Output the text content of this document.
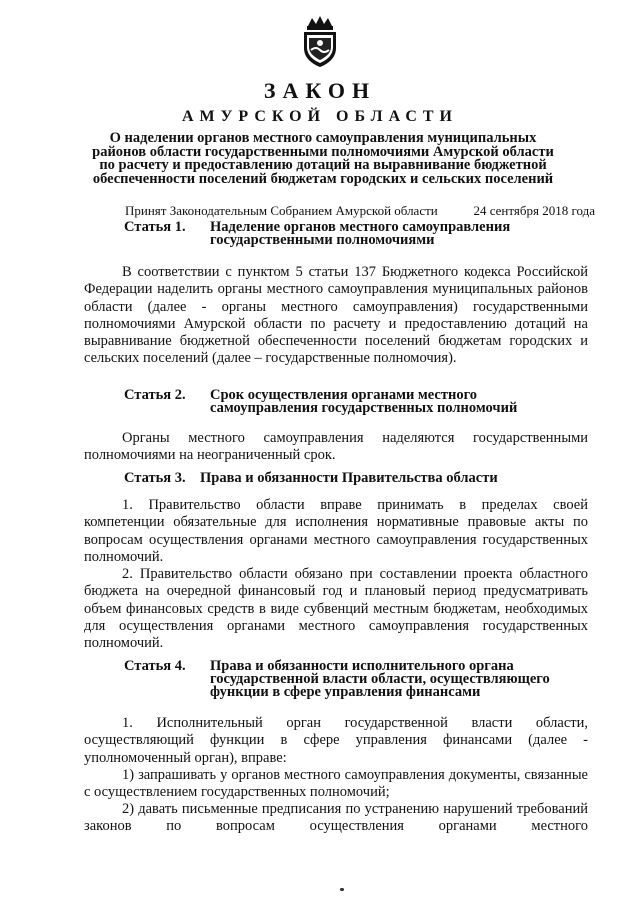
ЗАКОН
АМУРСКОЙ ОБЛАСТИ
О наделении органов местного самоуправления муниципальных районов области государственными полномочиями Амурской области по расчету и предоставлению дотаций на выравнивание бюджетной обеспеченности поселений бюджетам городских и сельских поселений
Принят Законодательным Собранием Амурской области	24 сентября 2018 года
Статья 1. Наделение органов местного самоуправления государственными полномочиями
В соответствии с пунктом 5 статьи 137 Бюджетного кодекса Российской Федерации наделить органы местного самоуправления муниципальных районов области (далее - органы местного самоуправления) государственными полномочиями Амурской области по расчету и предоставлению дотаций на выравнивание бюджетной обеспеченности поселений бюджетам городских и сельских поселений (далее – государственные полномочия).
Статья 2. Срок осуществления органами местного самоуправления государственных полномочий
Органы местного самоуправления наделяются государственными полномочиями на неограниченный срок.
Статья 3. Права и обязанности Правительства области
1. Правительство области вправе принимать в пределах своей компетенции обязательные для исполнения нормативные правовые акты по вопросам осуществления органами местного самоуправления государственных полномочий.
2. Правительство области обязано при составлении проекта областного бюджета на очередной финансовый год и плановый период предусматривать объем финансовых средств в виде субвенций местным бюджетам, необходимых для осуществления органами местного самоуправления государственных полномочий.
Статья 4. Права и обязанности исполнительного органа государственной власти области, осуществляющего функции в сфере управления финансами
1. Исполнительный орган государственной власти области, осуществляющий функции в сфере управления финансами (далее - уполномоченный орган), вправе:
1) запрашивать у органов местного самоуправления документы, связанные с осуществлением государственных полномочий;
2) давать письменные предписания по устранению нарушений требований законов по вопросам осуществления органами местного
